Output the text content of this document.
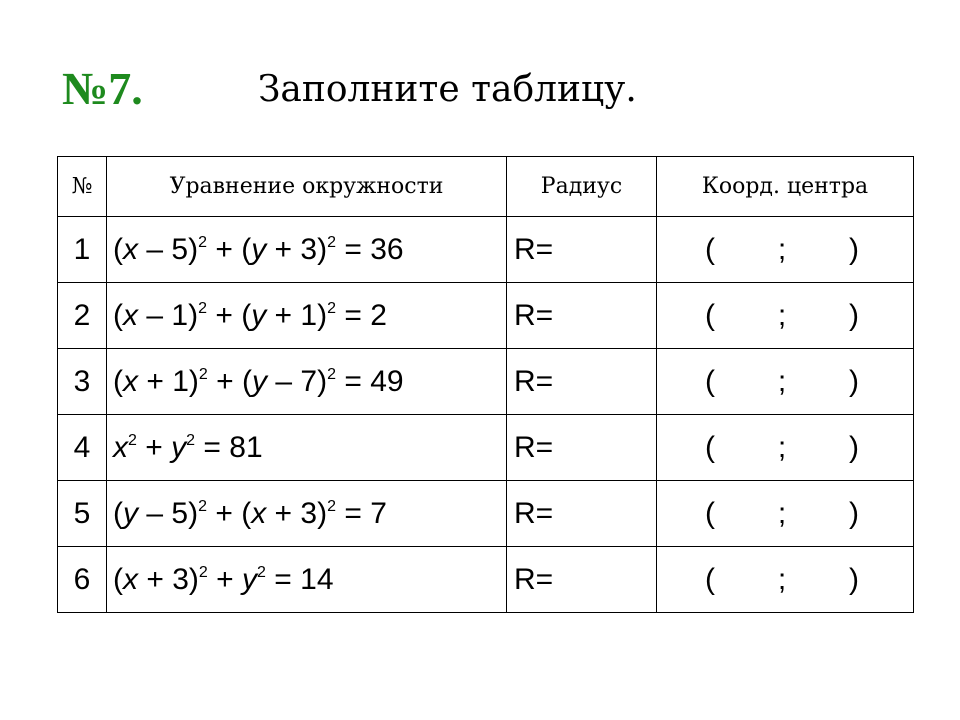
№7.	Заполните таблицу.
№	Уравнение окружности	Радиус	Коорд. центра
1	$(x - 5)^2 + (y + 3)^2 = 36$	R=	( ; )

2	$(x - 1)^2 + (y + 1)^2 = 2$	R=	( ; )

3	$(x + 1)^2 + (y - 7)^2 = 49$	R=	( ; )

4	$x^2 + y^2 = 81$	R=	( ; )

5	$(y - 5)^2 + (x + 3)^2 = 7$	R=	( ; )

6	$(x + 3)^2 + y^2 = 14$	R=	( ; )
